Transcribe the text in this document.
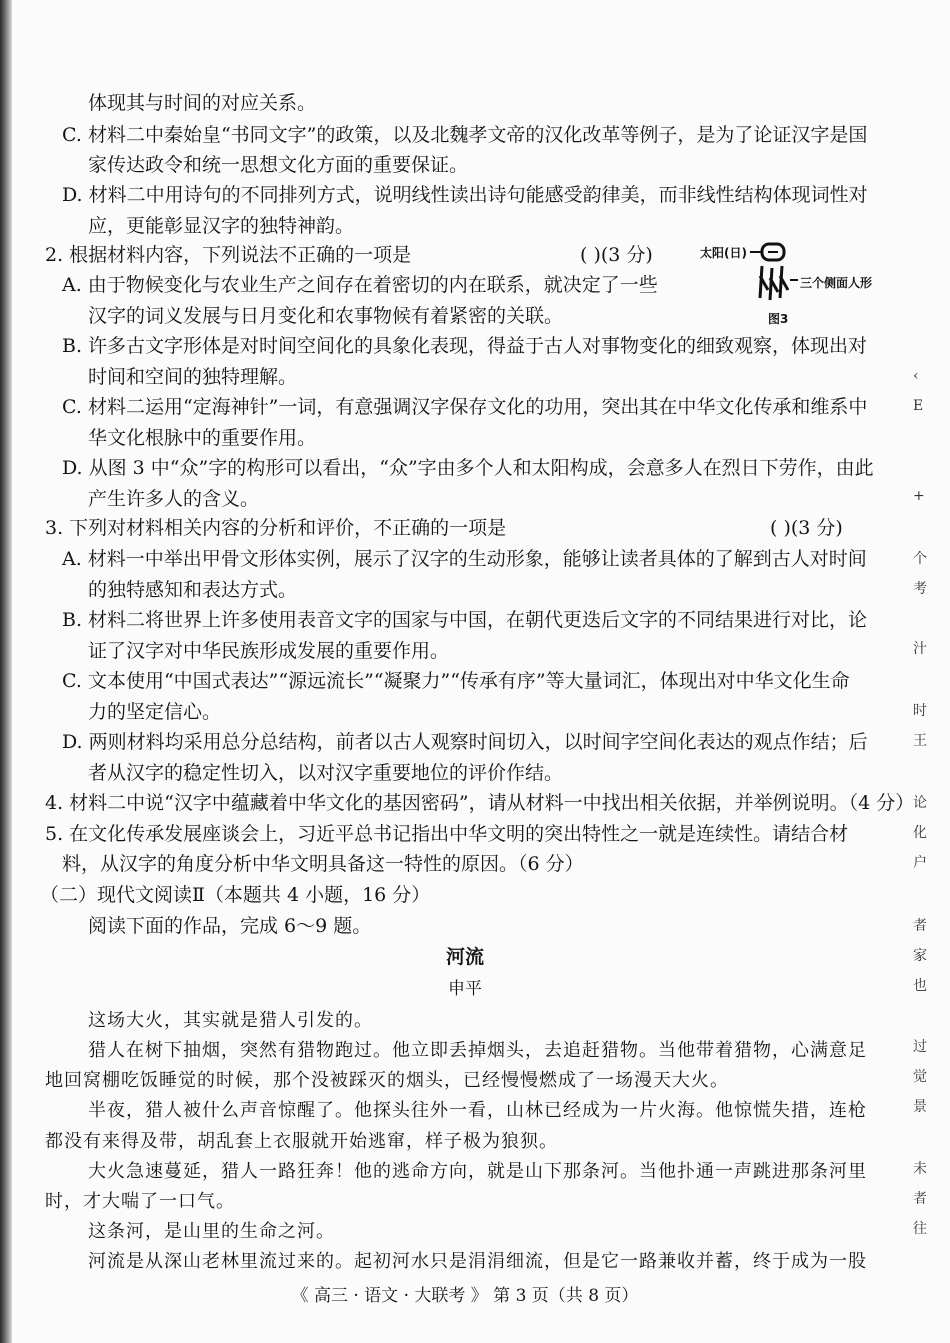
体现其与时间的对应关系。
C. 材料二中秦始皇“书同文字”的政策，以及北魏孝文帝的汉化改革等例子，是为了论证汉字是国
家传达政令和统一思想文化方面的重要保证。
D. 材料二中用诗句的不同排列方式，说明线性读出诗句能感受韵律美，而非线性结构体现词性对
应，更能彰显汉字的独特神韵。
2. 根据材料内容，下列说法不正确的一项是	( )(3 分)
A. 由于物候变化与农业生产之间存在着密切的内在联系，就决定了一些
汉字的词义发展与日月变化和农事物候有着紧密的关联。
B. 许多古文字形体是对时间空间化的具象化表现，得益于古人对事物变化的细致观察，体现出对
时间和空间的独特理解。
C. 材料二运用“定海神针”一词，有意强调汉字保存文化的功用，突出其在中华文化传承和维系中
华文化根脉中的重要作用。
D. 从图 3 中“众”字的构形可以看出，“众”字由多个人和太阳构成，会意多人在烈日下劳作，由此
产生许多人的含义。
3. 下列对材料相关内容的分析和评价，不正确的一项是	( )(3 分)
A. 材料一中举出甲骨文形体实例，展示了汉字的生动形象，能够让读者具体的了解到古人对时间
的独特感知和表达方式。
B. 材料二将世界上许多使用表音文字的国家与中国，在朝代更迭后文字的不同结果进行对比，论
证了汉字对中华民族形成发展的重要作用。
C. 文本使用“中国式表达”“源远流长”“凝聚力”“传承有序”等大量词汇，体现出对中华文化生命
力的坚定信心。
D. 两则材料均采用总分总结构，前者以古人观察时间切入，以时间字空间化表达的观点作结；后
者从汉字的稳定性切入，以对汉字重要地位的评价作结。
4. 材料二中说“汉字中蕴藏着中华文化的基因密码”，请从材料一中找出相关依据，并举例说明。（4 分）
5. 在文化传承发展座谈会上，习近平总书记指出中华文明的突出特性之一就是连续性。请结合材
料，从汉字的角度分析中华文明具备这一特性的原因。（6 分）
（二）现代文阅读Ⅱ（本题共 4 小题，16 分）
阅读下面的作品，完成 6～9 题。
河流
申平
这场大火，其实就是猎人引发的。
猎人在树下抽烟，突然有猎物跑过。他立即丢掉烟头，去追赶猎物。当他带着猎物，心满意足
地回窝棚吃饭睡觉的时候，那个没被踩灭的烟头，已经慢慢燃成了一场漫天大火。
半夜，猎人被什么声音惊醒了。他探头往外一看，山林已经成为一片火海。他惊慌失措，连枪
都没有来得及带，胡乱套上衣服就开始逃窜，样子极为狼狈。
大火急速蔓延，猎人一路狂奔！他的逃命方向，就是山下那条河。当他扑通一声跳进那条河里
时，才大喘了一口气。
这条河，是山里的生命之河。
河流是从深山老林里流过来的。起初河水只是涓涓细流，但是它一路兼收并蓄，终于成为一股
《 高三 · 语文 · 大联考 》 第 3 页（共 8 页）
太阳(日)
三个侧面人形
图3
‹
E
+
个
考
汁
时
王
论
化
户
者
家
也
过
觉
景
未
者
往
